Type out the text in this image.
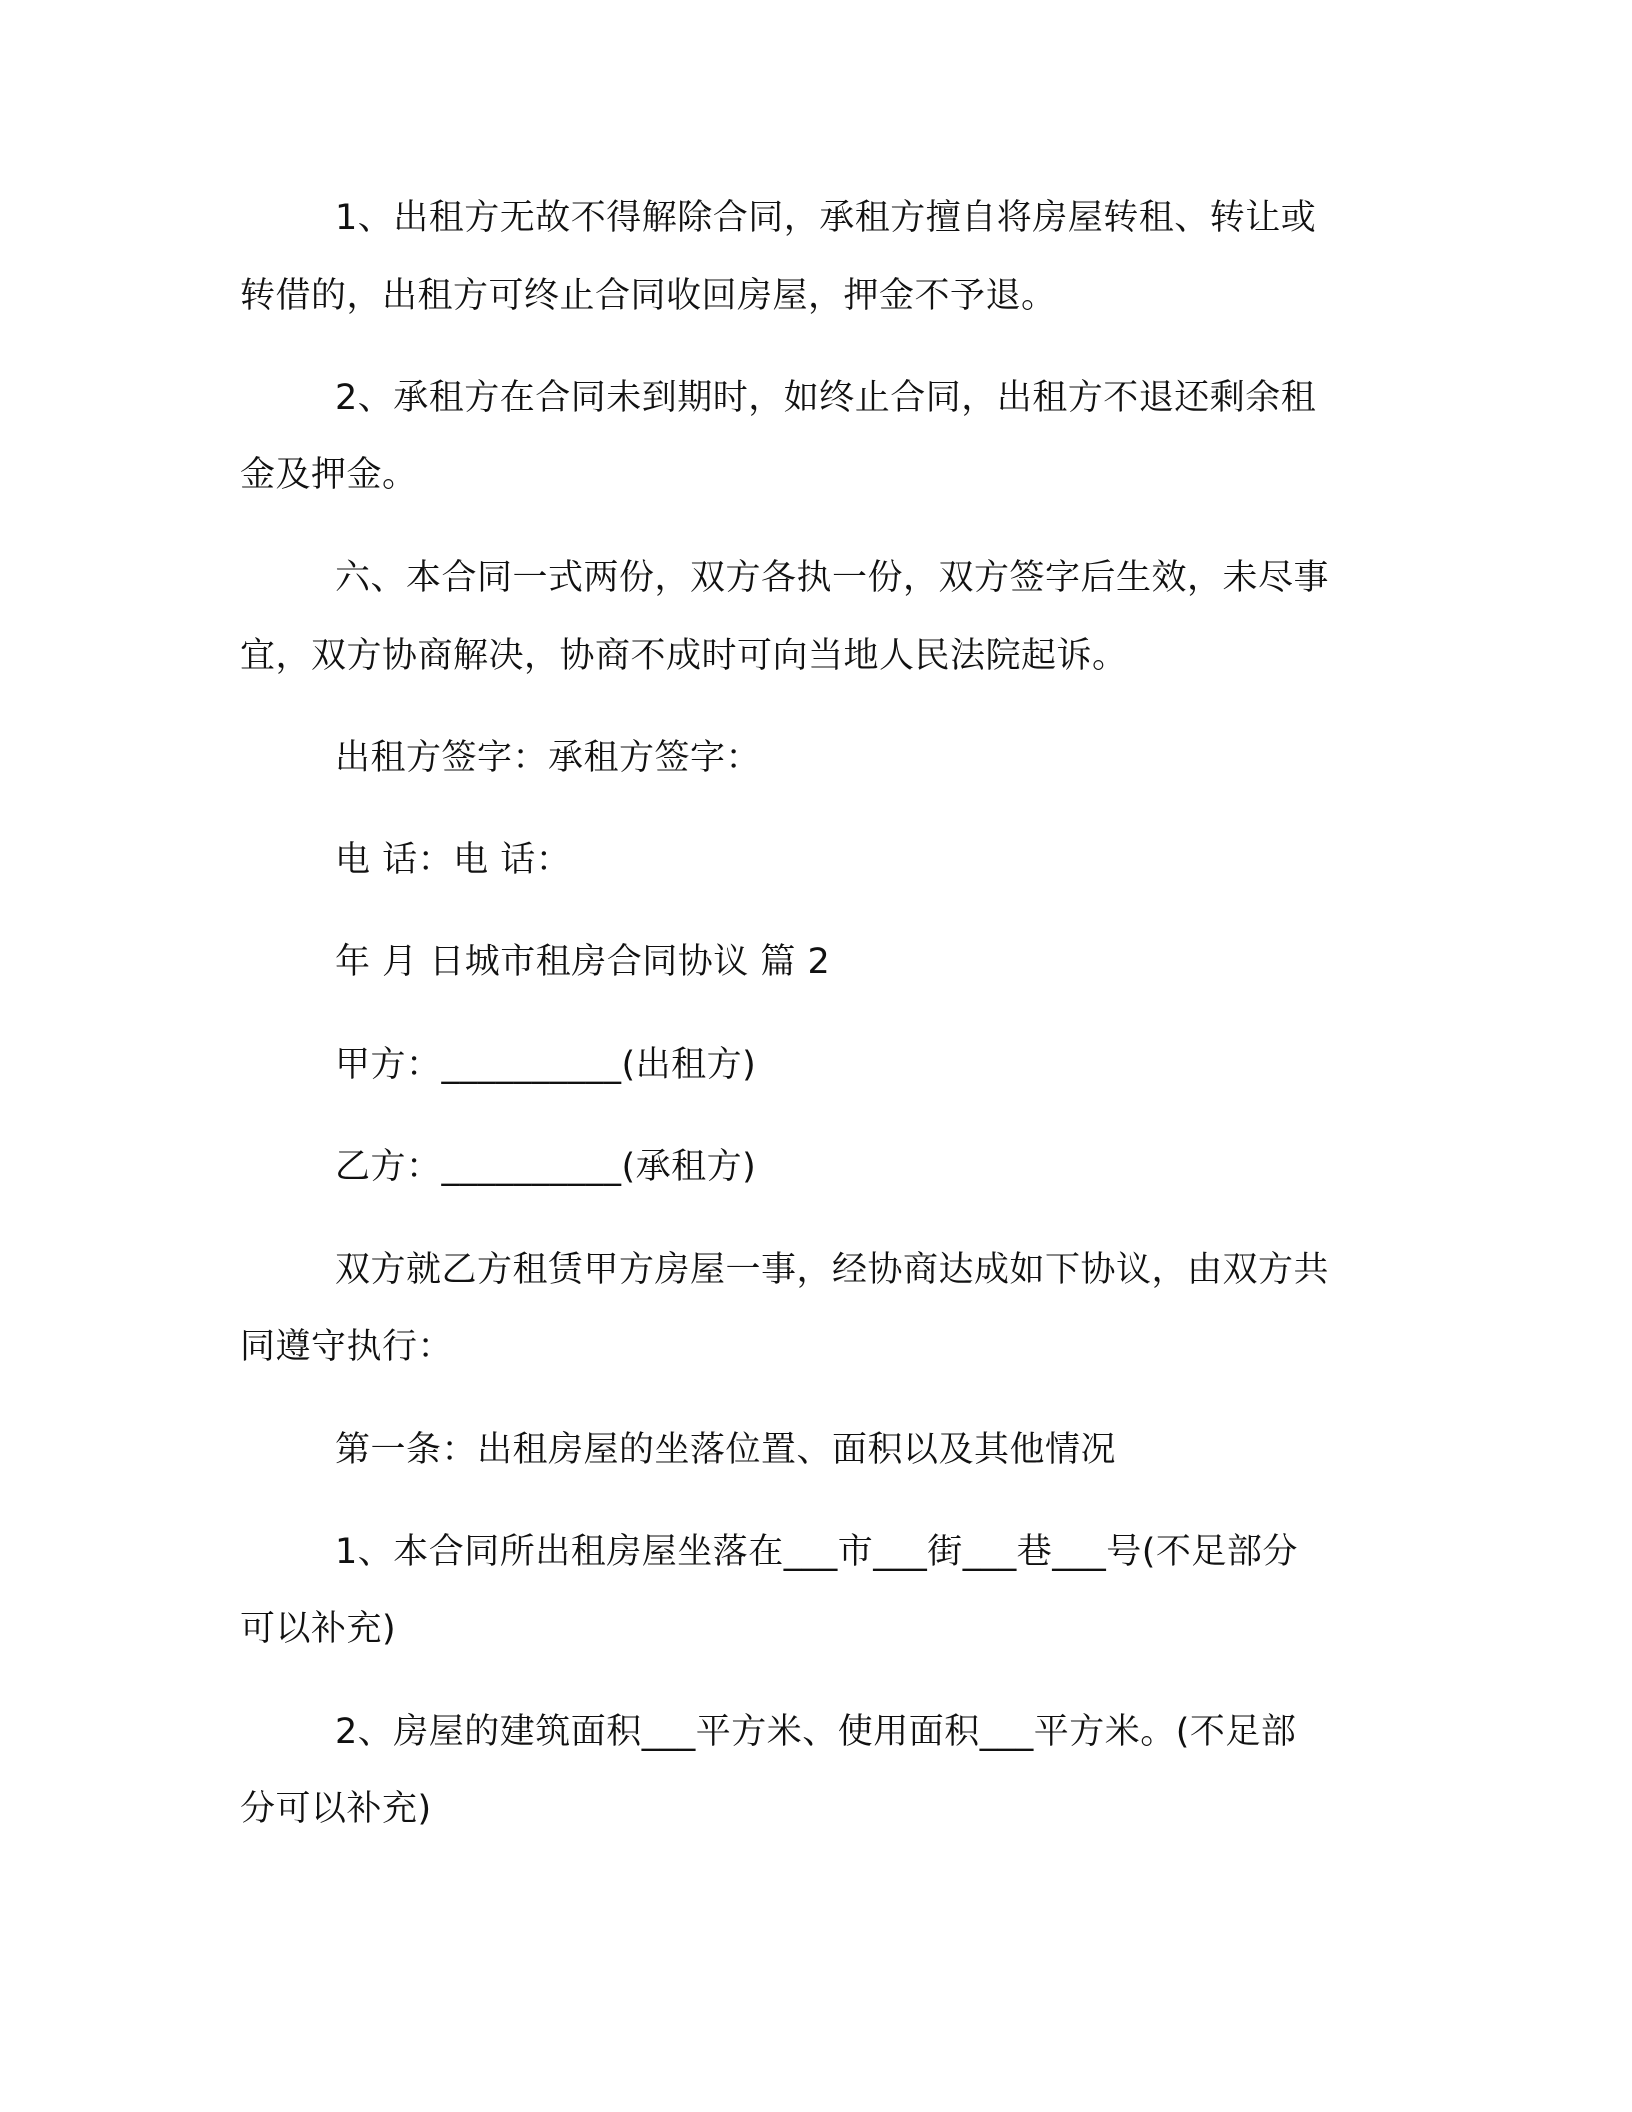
1、出租方无故不得解除合同，承租方擅自将房屋转租、转让或
转借的，出租方可终止合同收回房屋，押金不予退。
2、承租方在合同未到期时，如终止合同，出租方不退还剩余租
金及押金。
六、本合同一式两份，双方各执一份，双方签字后生效，未尽事
宜，双方协商解决，协商不成时可向当地人民法院起诉。
出租方签字：承租方签字：
电 话：电 话：
年 月 日城市租房合同协议 篇 2
甲方：__________(出租方)
乙方：__________(承租方)
双方就乙方租赁甲方房屋一事，经协商达成如下协议，由双方共
同遵守执行：
第一条：出租房屋的坐落位置、面积以及其他情况
1、本合同所出租房屋坐落在___市___街___巷___号(不足部分
可以补充)
2、房屋的建筑面积___平方米、使用面积___平方米。(不足部
分可以补充)
